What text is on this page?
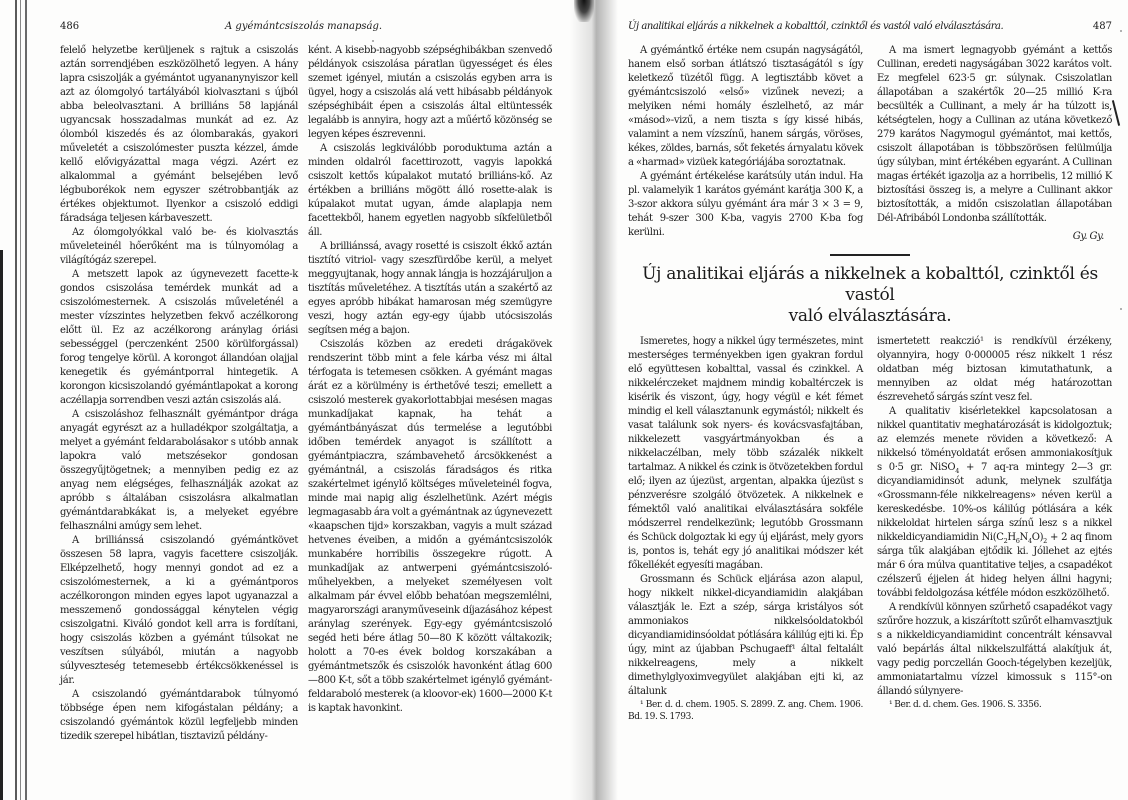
486	A gyémántcsiszolás manapság.

felelő helyzetbe kerüljenek s rajtuk a csiszolás aztán sorrendjében eszközölhető legyen. A hány lapra csiszolják a gyémántot ugyananynyiszor kell azt az ólomgolyó tartályából kiolvasztani s újból abba beleolvasztani. A brilliáns 58 lapjánál ugyancsak hosszadalmas munkát ad ez. Az ólomból kiszedés és az ólombarakás, gyakori műveletét a csiszolómester puszta kézzel, ámde kellő elővigyázattal maga végzi. Azért ez alkalommal a gyémánt belsejében levő légbuborékok nem egyszer szétrobbantják az értékes objektumot. Ilyenkor a csiszoló eddigi fáradsága teljesen kárbaveszett.

Az ólomgolyókkal való be- és kiolvasztás műveleteinél hőerőként ma is túlnyomólag a világítógáz szerepel.

A metszett lapok az úgynevezett facette-k gondos csiszolása temérdek munkát ad a csiszolómesternek. A csiszolás műveleténél a mester vízszintes helyzetben fekvő aczélkorong előtt ül. Ez az aczélkorong aránylag óriási sebességgel (perczenként 2500 körülforgással) forog tengelye körül. A korongot állandóan olajjal kenegetik és gyémántporral hintegetik. A korongon kicsiszolandó gyémántlapokat a korong aczéllapja sorrendben veszi aztán csiszolás alá.

A csiszoláshoz felhasznált gyémántpor drága anyagát egyrészt az a hulladékpor szolgáltatja, a melyet a gyémánt feldarabolásakor s utóbb annak lapokra való metszésekor gondosan összegyűjtögetnek; a mennyiben pedig ez az anyag nem elégséges, felhasználják azokat az apróbb s általában csiszolásra alkalmatlan gyémántdarabkákat is, a melyeket egyébre felhasználni amúgy sem lehet.

A brilliánssá csiszolandó gyémántkövet összesen 58 lapra, vagyis facettere csiszolják. Elképzelhető, hogy mennyi gondot ad ez a csiszolómesternek, a ki a gyémántporos aczélkorongon minden egyes lapot ugyanazzal a messzemenő gondossággal kénytelen végig csiszolgatni. Kiváló gondot kell arra is fordítani, hogy csiszolás közben a gyémánt túlsokat ne veszítsen súlyából, miután a nagyobb súlyveszteség tetemesebb értékcsökkenéssel is jár.

A csiszolandó gyémántdarabok túlnyomó többsége épen nem kifogástalan példány; a csiszolandó gyémántok közül legfeljebb minden tizedik szerepel hibátlan, tisztavizű példány-

ként. A kisebb-nagyobb szépséghibákban szenvedő példányok csiszolása páratlan ügyességet és éles szemet igényel, miután a csiszolás egyben arra is ügyel, hogy a csiszolás alá vett hibásabb példányok szépséghibáit épen a csiszolás által eltüntessék legalább is annyira, hogy azt a műértő közönség se legyen képes észrevenni.

A csiszolás legkiválóbb poroduktuma aztán a minden oldalról facettirozott, vagyis lapokká csiszolt kettős kúpalakot mutató brilliáns-kő. Az értékben a brilliáns mögött álló rosette-alak is kúpalakot mutat ugyan, ámde alaplapja nem facettekből, hanem egyetlen nagyobb síkfelületből áll.

A brilliánssá, avagy rosetté is csiszolt ékkő aztán tisztító vitriol- vagy szeszfürdőbe kerül, a melyet meggyujtanak, hogy annak lángja is hozzájáruljon a tisztítás műveletéhez. A tisztítás után a szakértő az egyes apróbb hibákat hamarosan még szemügyre veszi, hogy aztán egy-egy újabb utócsiszolás segítsen még a bajon.

Csiszolás közben az eredeti drágakövek rendszerint több mint a fele kárba vész mi által térfogata is tetemesen csökken. A gyémánt magas árát ez a körülmény is érthetővé teszi; emellett a csiszoló mesterek gyakorlottabbjai mesésen magas munkadíjakat kapnak, ha tehát a gyémántbányászat dús termelése a legutóbbi időben temérdek anyagot is szállított a gyémántpiaczra, számbavehető árcsökkenést a gyémántnál, a csiszolás fáradságos és ritka szakértelmet igénylő költséges műveleteinél fogva, minde mai napig alig észlelhetünk. Azért mégis legmagasabb ára volt a gyémántnak az úgynevezett «kaapschen tijd» korszakban, vagyis a mult század hetvenes éveiben, a midőn a gyémántcsiszolók munkabére horribilis összegekre rúgott. A munkadíjak az antwerpeni gyémántcsiszoló-műhelyekben, a melyeket személyesen volt alkalmam pár évvel előbb behatóan megszemlélni, magyarországi aranyműveseink díjazásához képest aránylag szerények. Egy-egy gyémántcsiszoló segéd heti bére átlag 50—80 K között váltakozik; holott a 70-es évek boldog korszakában a gyémántmetszők és csiszolók havonként átlag 600—800 K-t, sőt a több szakértelmet igénylő gyémánt-feldaraboló mesterek (a kloovor-ek) 1600—2000 K-t is kaptak havonkint.

Új analitikai eljárás a nikkelnek a kobalttól, czinktől és vastól való elválasztására.	487

A gyémántkő értéke nem csupán nagyságától, hanem első sorban átlátszó tisztaságától s így keletkező tüzétől függ. A legtisztább követ a gyémántcsiszoló «első» vizűnek nevezi; a melyiken némi homály észlelhető, az már «másod»-vizű, a nem tiszta s így kissé hibás, valamint a nem vízszínű, hanem sárgás, vöröses, kékes, zöldes, barnás, sőt feketés árnyalatu kövek a «harmad» vizüek kategóriájába soroztatnak.

A gyémánt értékelése karátsúly után indul. Ha pl. valamelyik 1 karátos gyémánt karátja 300 K, a 3-szor akkora súlyu gyémánt ára már 3 × 3 = 9, tehát 9-szer 300 K-ba, vagyis 2700 K-ba fog kerülni.

A ma ismert legnagyobb gyémánt a kettős Cullinan, eredeti nagyságában 3022 karátos volt. Ez megfelel 623·5 gr. súlynak. Csiszolatlan állapotában a szakértők 20—25 millió K-ra becsülték a Cullinant, a mely ár ha túlzott is, kétségtelen, hogy a Cullinan az utána következő 279 karátos Nagymogul gyémántot, mai kettős, csiszolt állapotában is többszörösen felülmúlja úgy súlyban, mint értékében egyaránt. A Cullinan magas értékét igazolja az a horribelis, 12 millió K biztosítási összeg is, a melyre a Cullinant akkor biztosították, a midőn csiszolatlan állapotában Dél-Afribából Londonba szállították.

Gy. Gy.

Új analitikai eljárás a nikkelnek a kobalttól, czinktől és vastól
való elválasztására.

Ismeretes, hogy a nikkel úgy természetes, mint mesterséges terményekben igen gyakran fordul elő együttesen kobalttal, vassal és czinkkel. A nikkelérczeket majdnem mindig kobaltérczek is kisérik és viszont, úgy, hogy végül e két fémet mindig el kell választanunk egymástól; nikkelt és vasat találunk sok nyers- és kovácsvasfajtában, nikkelezett vasgyártmányokban és a nikkelaczélban, mely több százalék nikkelt tartalmaz. A nikkel és czink is ötvözetekben fordul elő; ilyen az újezüst, argentan, alpakka újezüst s pénzverésre szolgáló ötvözetek. A nikkelnek e fémektől való analitikai elválasztására sokféle módszerrel rendelkezünk; legutóbb Grossmann és Schück dolgoztak ki egy új eljárást, mely gyors is, pontos is, tehát egy jó analitikai módszer két főkellékét egyesíti magában.

Grossmann és Schück eljárása azon alapul, hogy nikkelt nikkel-dicyandiamidin alakjában választják le. Ezt a szép, sárga kristályos sót ammoniakos nikkelsóoldatokból dicyandiamidinsóoldat pótlására kálilúg ejti ki. Ép úgy, mint az újabban Pschugaeff¹ által feltalált nikkelreagens, mely a nikkelt dimethylglyoximvegyület alakjában ejti ki, az általunk

¹ Ber. d. d. chem. 1905. S. 2899. Z. ang. Chem. 1906. Bd. 19. S. 1793.

ismertetett reakczió¹ is rendkívül érzékeny, olyannyira, hogy 0·000005 rész nikkelt 1 rész oldatban még biztosan kimutathatunk, a mennyiben az oldat még határozottan észrevehető sárgás színt vesz fel.

A qualitativ kisérletekkel kapcsolatosan a nikkel quantitativ meghatározását is kidolgoztuk; az elemzés menete röviden a következő: A nikkelsó töményoldatát erősen ammoniakosítjuk s 0·5 gr. NiSO$_4$ + 7 aq-ra mintegy 2—3 gr. dicyandiamidinsót adunk, melynek szulfátja «Grossmann-féle nikkelreagens» néven kerül a kereskedésbe. 10%-os kálilúg pótlására a kék nikkeloldat hirtelen sárga színű lesz s a nikkel nikkeldicyandiamidin $Ni(C_2H_6N_4O)_2 + 2$ aq finom sárga tűk alakjában ejtődik ki. Jóllehet az ejtés már 6 óra múlva quantitative teljes, a csapadékot czélszerű éjjelen át hideg helyen állni hagyni; további feldolgozása kétféle módon eszközölhető.

A rendkívül könnyen szűrhető csapadékot vagy szűrőre hozzuk, a kiszárított szűrőt elhamvasztjuk s a nikkeldicyandiamidint concentrált kénsavval való bepárlás által nikkelszulfáttá alakítjuk át, vagy pedig porczellán Gooch-tégelyben kezeljük, ammoniatartalmu vízzel kimossuk s 115°-on állandó súlynyere-

¹ Ber. d. d. chem. Ges. 1906. S. 3356.
